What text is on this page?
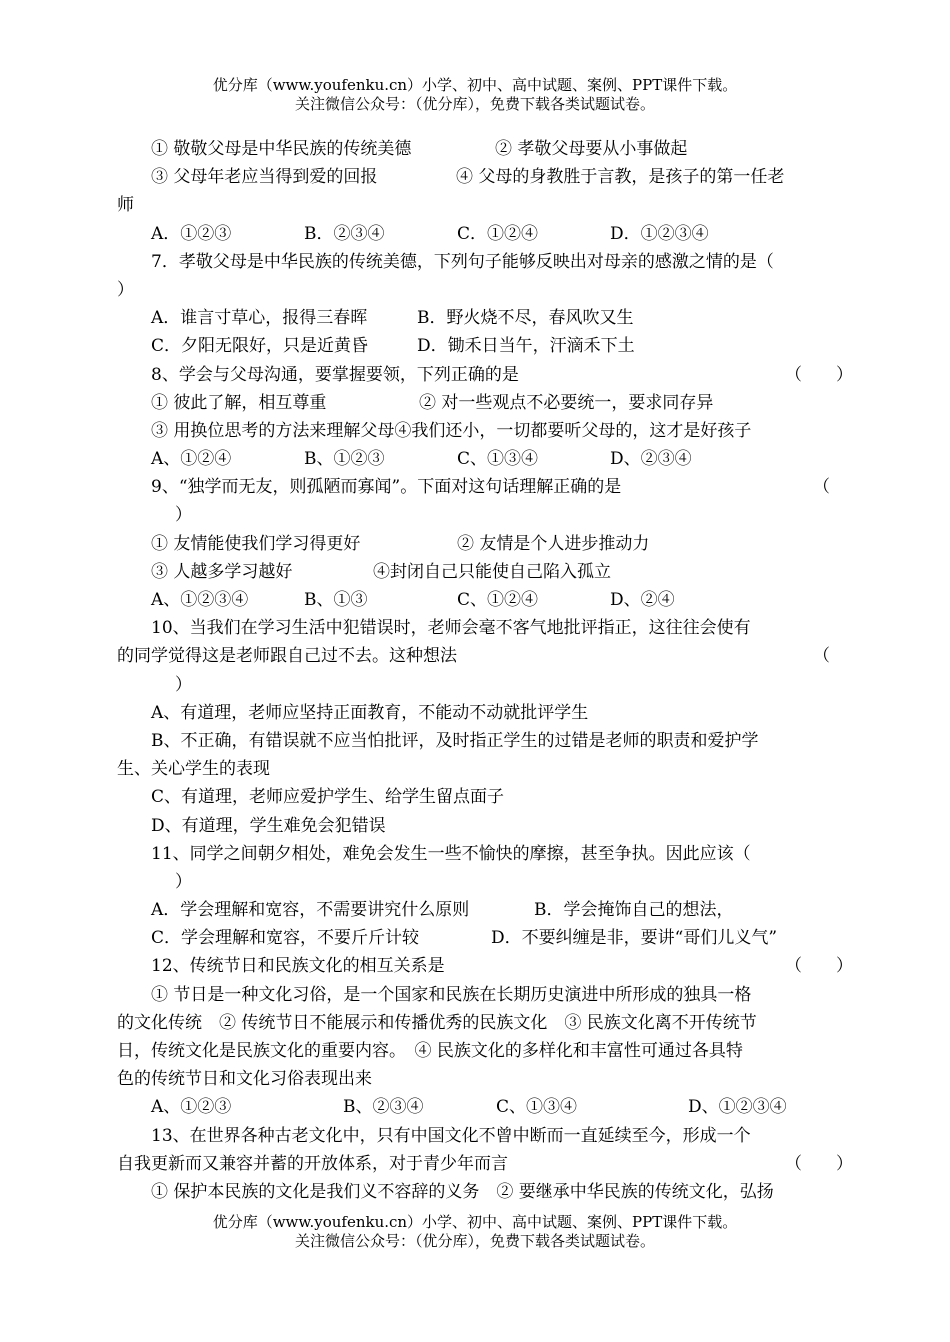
优分库（www.youfenku.cn）小学、初中、高中试题、案例、PPT课件下载。
关注微信公众号：（优分库），免费下载各类试题试卷。
① 敬敬父母是中华民族的传统美德	② 孝敬父母要从小事做起
③ 父母年老应当得到爱的回报	④ 父母的身教胜于言教，是孩子的第一任老
师
A．①②③	B．②③④	C．①②④	D．①②③④
7．孝敬父母是中华民族的传统美德，下列句子能够反映出对母亲的感激之情的是（
）
A．谁言寸草心，报得三春晖	B．野火烧不尽，春风吹又生
C．夕阳无限好，只是近黄昏	D．锄禾日当午，汗滴禾下土
（　　）
8、学会与父母沟通，要掌握要领，下列正确的是
① 彼此了解，相互尊重	② 对一些观点不必要统一，要求同存异
③ 用换位思考的方法来理解父母④我们还小，一切都要听父母的，这才是好孩子
A、①②④	B、①②③	C、①③④	D、②③④
（
9、“独学而无友，则孤陋而寡闻”。下面对这句话理解正确的是
）
① 友情能使我们学习得更好	② 友情是个人进步推动力
③ 人越多学习越好	④封闭自己只能使自己陷入孤立
A、①②③④	B、①③	C、①②④	D、②④
10、当我们在学习生活中犯错误时，老师会毫不客气地批评指正，这往往会使有
（
的同学觉得这是老师跟自己过不去。这种想法
）
A、有道理，老师应坚持正面教育，不能动不动就批评学生
B、不正确，有错误就不应当怕批评，及时指正学生的过错是老师的职责和爱护学
生、关心学生的表现
C、有道理，老师应爱护学生、给学生留点面子
D、有道理，学生难免会犯错误
11、同学之间朝夕相处，难免会发生一些不愉快的摩擦，甚至争执。因此应该（
）
A．学会理解和宽容，不需要讲究什么原则	B．学会掩饰自己的想法，
C．学会理解和宽容，不要斤斤计较	D．不要纠缠是非，要讲“哥们儿义气”
（　　）
12、传统节日和民族文化的相互关系是
① 节日是一种文化习俗，是一个国家和民族在长期历史演进中所形成的独具一格
的文化传统　② 传统节日不能展示和传播优秀的民族文化　③ 民族文化离不开传统节
日，传统文化是民族文化的重要内容。　④ 民族文化的多样化和丰富性可通过各具特
色的传统节日和文化习俗表现出来
A、①②③	B、②③④	C、①③④	D、①②③④
13、在世界各种古老文化中，只有中国文化不曾中断而一直延续至今，形成一个
（　　）
自我更新而又兼容并蓄的开放体系，对于青少年而言
① 保护本民族的文化是我们义不容辞的义务　② 要继承中华民族的传统文化，弘扬
优分库（www.youfenku.cn）小学、初中、高中试题、案例、PPT课件下载。
关注微信公众号：（优分库），免费下载各类试题试卷。
